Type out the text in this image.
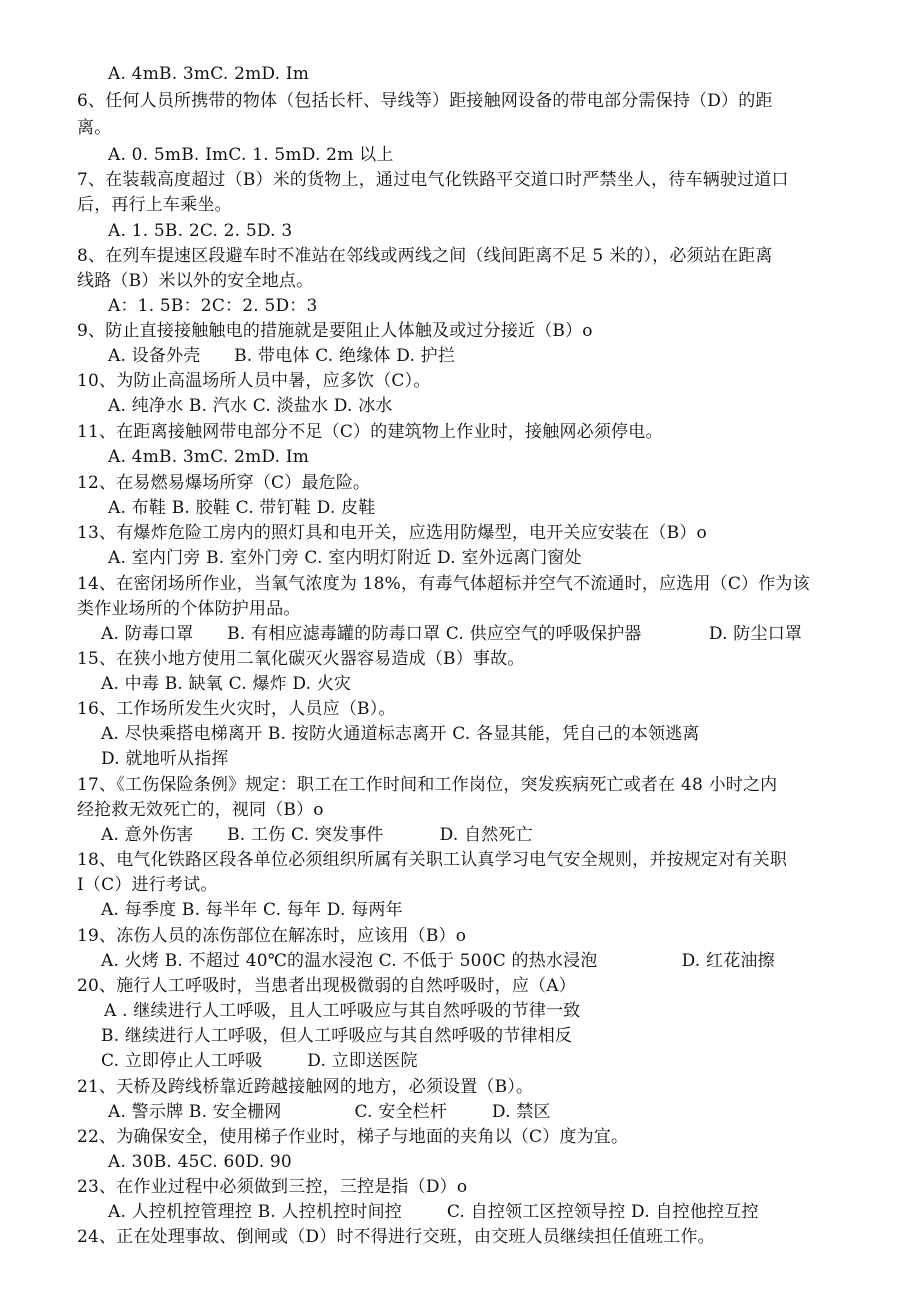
A. 4mB. 3mC. 2mD. Im
6、任何人员所携带的物体（包括长杆、导线等）距接触网设备的带电部分需保持（D）的距
离。
A. 0. 5mB. ImC. 1. 5mD. 2m 以上
7、在装载高度超过（B）米的货物上，通过电气化铁路平交道口时严禁坐人，待车辆驶过道口
后，再行上车乘坐。
A. 1. 5B. 2C. 2. 5D. 3
8、在列车提速区段避车时不准站在邻线或两线之间（线间距离不足 5 米的），必须站在距离
线路（B）米以外的安全地点。
A：1. 5B：2C：2. 5D：3
9、防止直接接触触电的措施就是要阻止人体触及或过分接近（B）o
A. 设备外壳      B. 带电体 C. 绝缘体 D. 护拦
10、为防止高温场所人员中暑，应多饮（C）。
A. 纯净水 B. 汽水 C. 淡盐水 D. 冰水
11、在距离接触网带电部分不足（C）的建筑物上作业时，接触网必须停电。
A. 4mB. 3mC. 2mD. Im
12、在易燃易爆场所穿（C）最危险。
A. 布鞋 B. 胶鞋 C. 带钉鞋 D. 皮鞋
13、有爆炸危险工房内的照灯具和电开关，应选用防爆型，电开关应安装在（B）o
A. 室内门旁 B. 室外门旁 C. 室内明灯附近 D. 室外远离门窗处
14、在密闭场所作业，当氧气浓度为 18%，有毒气体超标并空气不流通时，应选用（C）作为该
类作业场所的个体防护用品。
A. 防毒口罩      B. 有相应滤毒罐的防毒口罩 C. 供应空气的呼吸保护器            D. 防尘口罩
15、在狭小地方使用二氧化碳灭火器容易造成（B）事故。
A. 中毒 B. 缺氧 C. 爆炸 D. 火灾
16、工作场所发生火灾时，人员应（B）。
A. 尽快乘搭电梯离开 B. 按防火通道标志离开 C. 各显其能，凭自己的本领逃离
D. 就地听从指挥
17、《工伤保险条例》规定：职工在工作时间和工作岗位，突发疾病死亡或者在 48 小时之内
经抢救无效死亡的，视同（B）o
A. 意外伤害      B. 工伤 C. 突发事件          D. 自然死亡
18、电气化铁路区段各单位必须组织所属有关职工认真学习电气安全规则，并按规定对有关职
I（C）进行考试。
A. 每季度 B. 每半年 C. 每年 D. 每两年
19、冻伤人员的冻伤部位在解冻时，应该用（B）o
A. 火烤 B. 不超过 40℃的温水浸泡 C. 不低于 500C 的热水浸泡               D. 红花油擦
20、施行人工呼吸时，当患者出现极微弱的自然呼吸时，应（A）
A . 继续进行人工呼吸，且人工呼吸应与其自然呼吸的节律一致
B. 继续进行人工呼吸，但人工呼吸应与其自然呼吸的节律相反
C. 立即停止人工呼吸        D. 立即送医院
21、天桥及跨线桥靠近跨越接触网的地方，必须设置（B）。
A. 警示牌 B. 安全栅网             C. 安全栏杆        D. 禁区
22、为确保安全，使用梯子作业时，梯子与地面的夹角以（C）度为宜。
A. 30B. 45C. 60D. 90
23、在作业过程中必须做到三控，三控是指（D）o
A. 人控机控管理控 B. 人控机控时间控        C. 自控领工区控领导控 D. 自控他控互控
24、正在处理事故、倒闸或（D）时不得进行交班，由交班人员继续担任值班工作。
